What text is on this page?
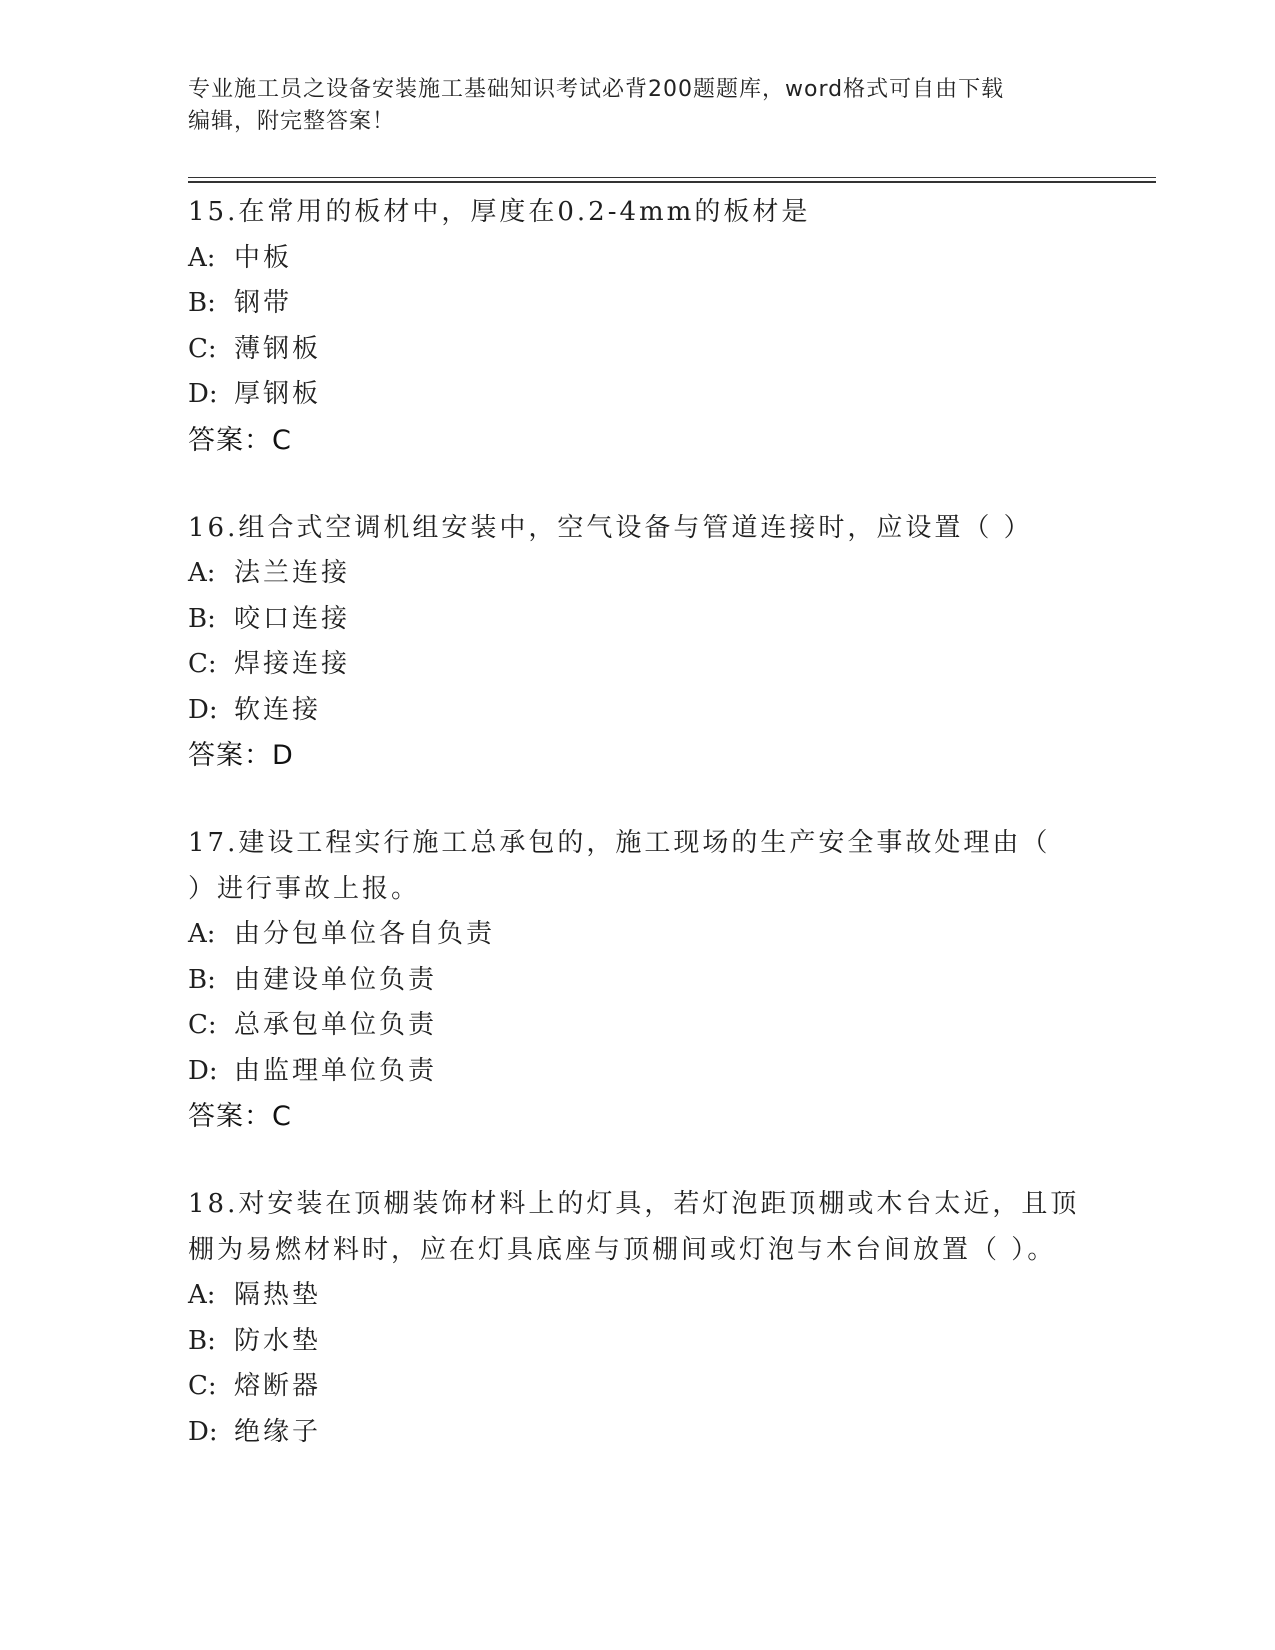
专业施工员之设备安装施工基础知识考试必背200题题库，word格式可自由下载
编辑，附完整答案！
15.在常用的板材中，厚度在0.2-4mm的板材是
A: 中板
B: 钢带
C: 薄钢板
D: 厚钢板
答案：C
16.组合式空调机组安装中，空气设备与管道连接时，应设置（ ）
A: 法兰连接
B: 咬口连接
C: 焊接连接
D: 软连接
答案：D
17.建设工程实行施工总承包的，施工现场的生产安全事故处理由（
）进行事故上报。
A: 由分包单位各自负责
B: 由建设单位负责
C: 总承包单位负责
D: 由监理单位负责
答案：C
18.对安装在顶棚装饰材料上的灯具，若灯泡距顶棚或木台太近，且顶
棚为易燃材料时，应在灯具底座与顶棚间或灯泡与木台间放置（ ）。
A: 隔热垫
B: 防水垫
C: 熔断器
D: 绝缘子
